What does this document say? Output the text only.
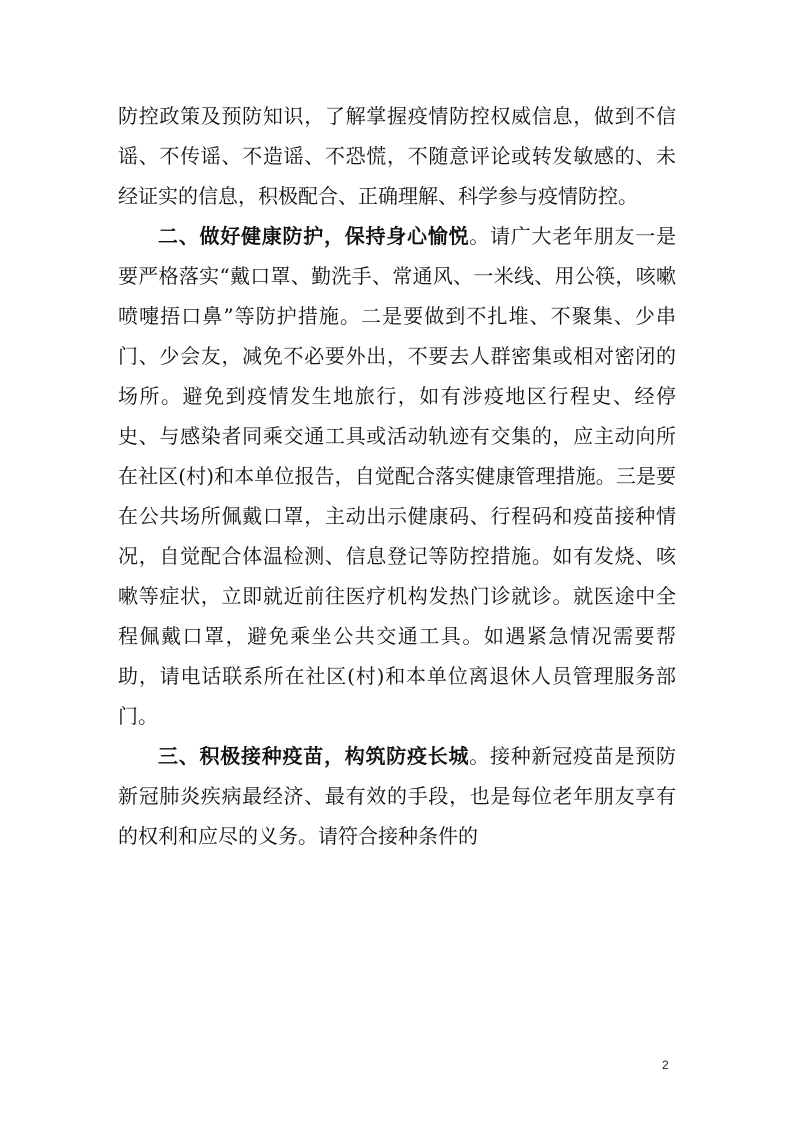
防控政策及预防知识，了解掌握疫情防控权威信息，做到不信谣、不传谣、不造谣、不恐慌，不随意评论或转发敏感的、未经证实的信息，积极配合、正确理解、科学参与疫情防控。

二、做好健康防护，保持身心愉悦。请广大老年朋友一是要严格落实“戴口罩、勤洗手、常通风、一米线、用公筷，咳嗽喷嚏捂口鼻”等防护措施。二是要做到不扎堆、不聚集、少串门、少会友，减免不必要外出，不要去人群密集或相对密闭的场所。避免到疫情发生地旅行，如有涉疫地区行程史、经停史、与感染者同乘交通工具或活动轨迹有交集的，应主动向所在社区(村)和本单位报告，自觉配合落实健康管理措施。三是要在公共场所佩戴口罩，主动出示健康码、行程码和疫苗接种情况，自觉配合体温检测、信息登记等防控措施。如有发烧、咳嗽等症状，立即就近前往医疗机构发热门诊就诊。就医途中全程佩戴口罩，避免乘坐公共交通工具。如遇紧急情况需要帮助，请电话联系所在社区(村)和本单位离退休人员管理服务部门。

三、积极接种疫苗，构筑防疫长城。接种新冠疫苗是预防新冠肺炎疾病最经济、最有效的手段，也是每位老年朋友享有的权利和应尽的义务。请符合接种条件的

2
